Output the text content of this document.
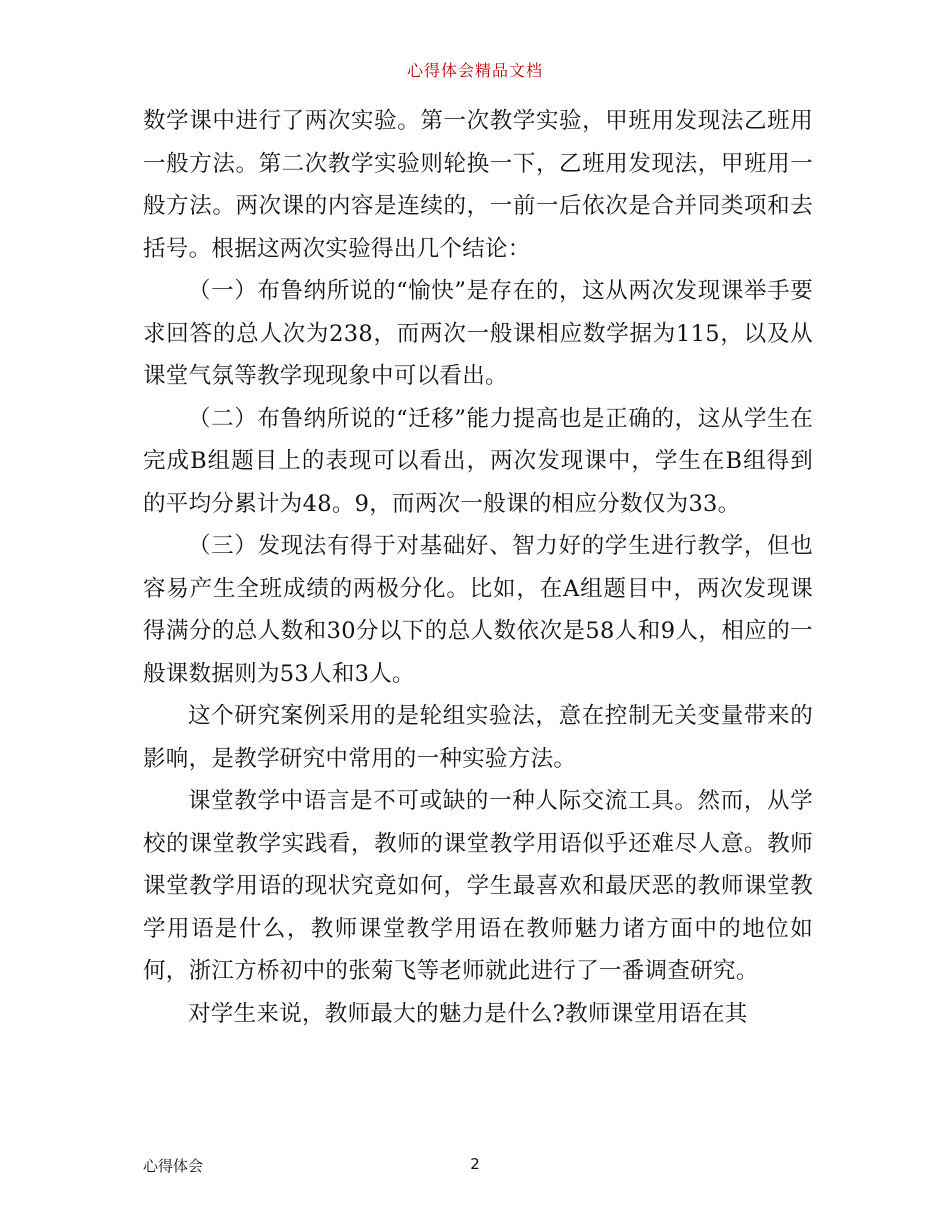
心得体会精品文档

数学课中进行了两次实验。第一次教学实验，甲班用发现法乙班用一般方法。第二次教学实验则轮换一下，乙班用发现法，甲班用一般方法。两次课的内容是连续的，一前一后依次是合并同类项和去括号。根据这两次实验得出几个结论：

（一）布鲁纳所说的“愉快”是存在的，这从两次发现课举手要求回答的总人次为238，而两次一般课相应数学据为115，以及从课堂气氛等教学现现象中可以看出。

（二）布鲁纳所说的“迁移”能力提高也是正确的，这从学生在完成B组题目上的表现可以看出，两次发现课中，学生在B组得到的平均分累计为48。9，而两次一般课的相应分数仅为33。

（三）发现法有得于对基础好、智力好的学生进行教学，但也容易产生全班成绩的两极分化。比如，在A组题目中，两次发现课得满分的总人数和30分以下的总人数依次是58人和9人，相应的一般课数据则为53人和3人。

这个研究案例采用的是轮组实验法，意在控制无关变量带来的影响，是教学研究中常用的一种实验方法。

课堂教学中语言是不可或缺的一种人际交流工具。然而，从学校的课堂教学实践看，教师的课堂教学用语似乎还难尽人意。教师课堂教学用语的现状究竟如何，学生最喜欢和最厌恶的教师课堂教学用语是什么，教师课堂教学用语在教师魅力诸方面中的地位如何，浙江方桥初中的张菊飞等老师就此进行了一番调查研究。

对学生来说，教师最大的魅力是什么?教师课堂用语在其

心得体会	2
